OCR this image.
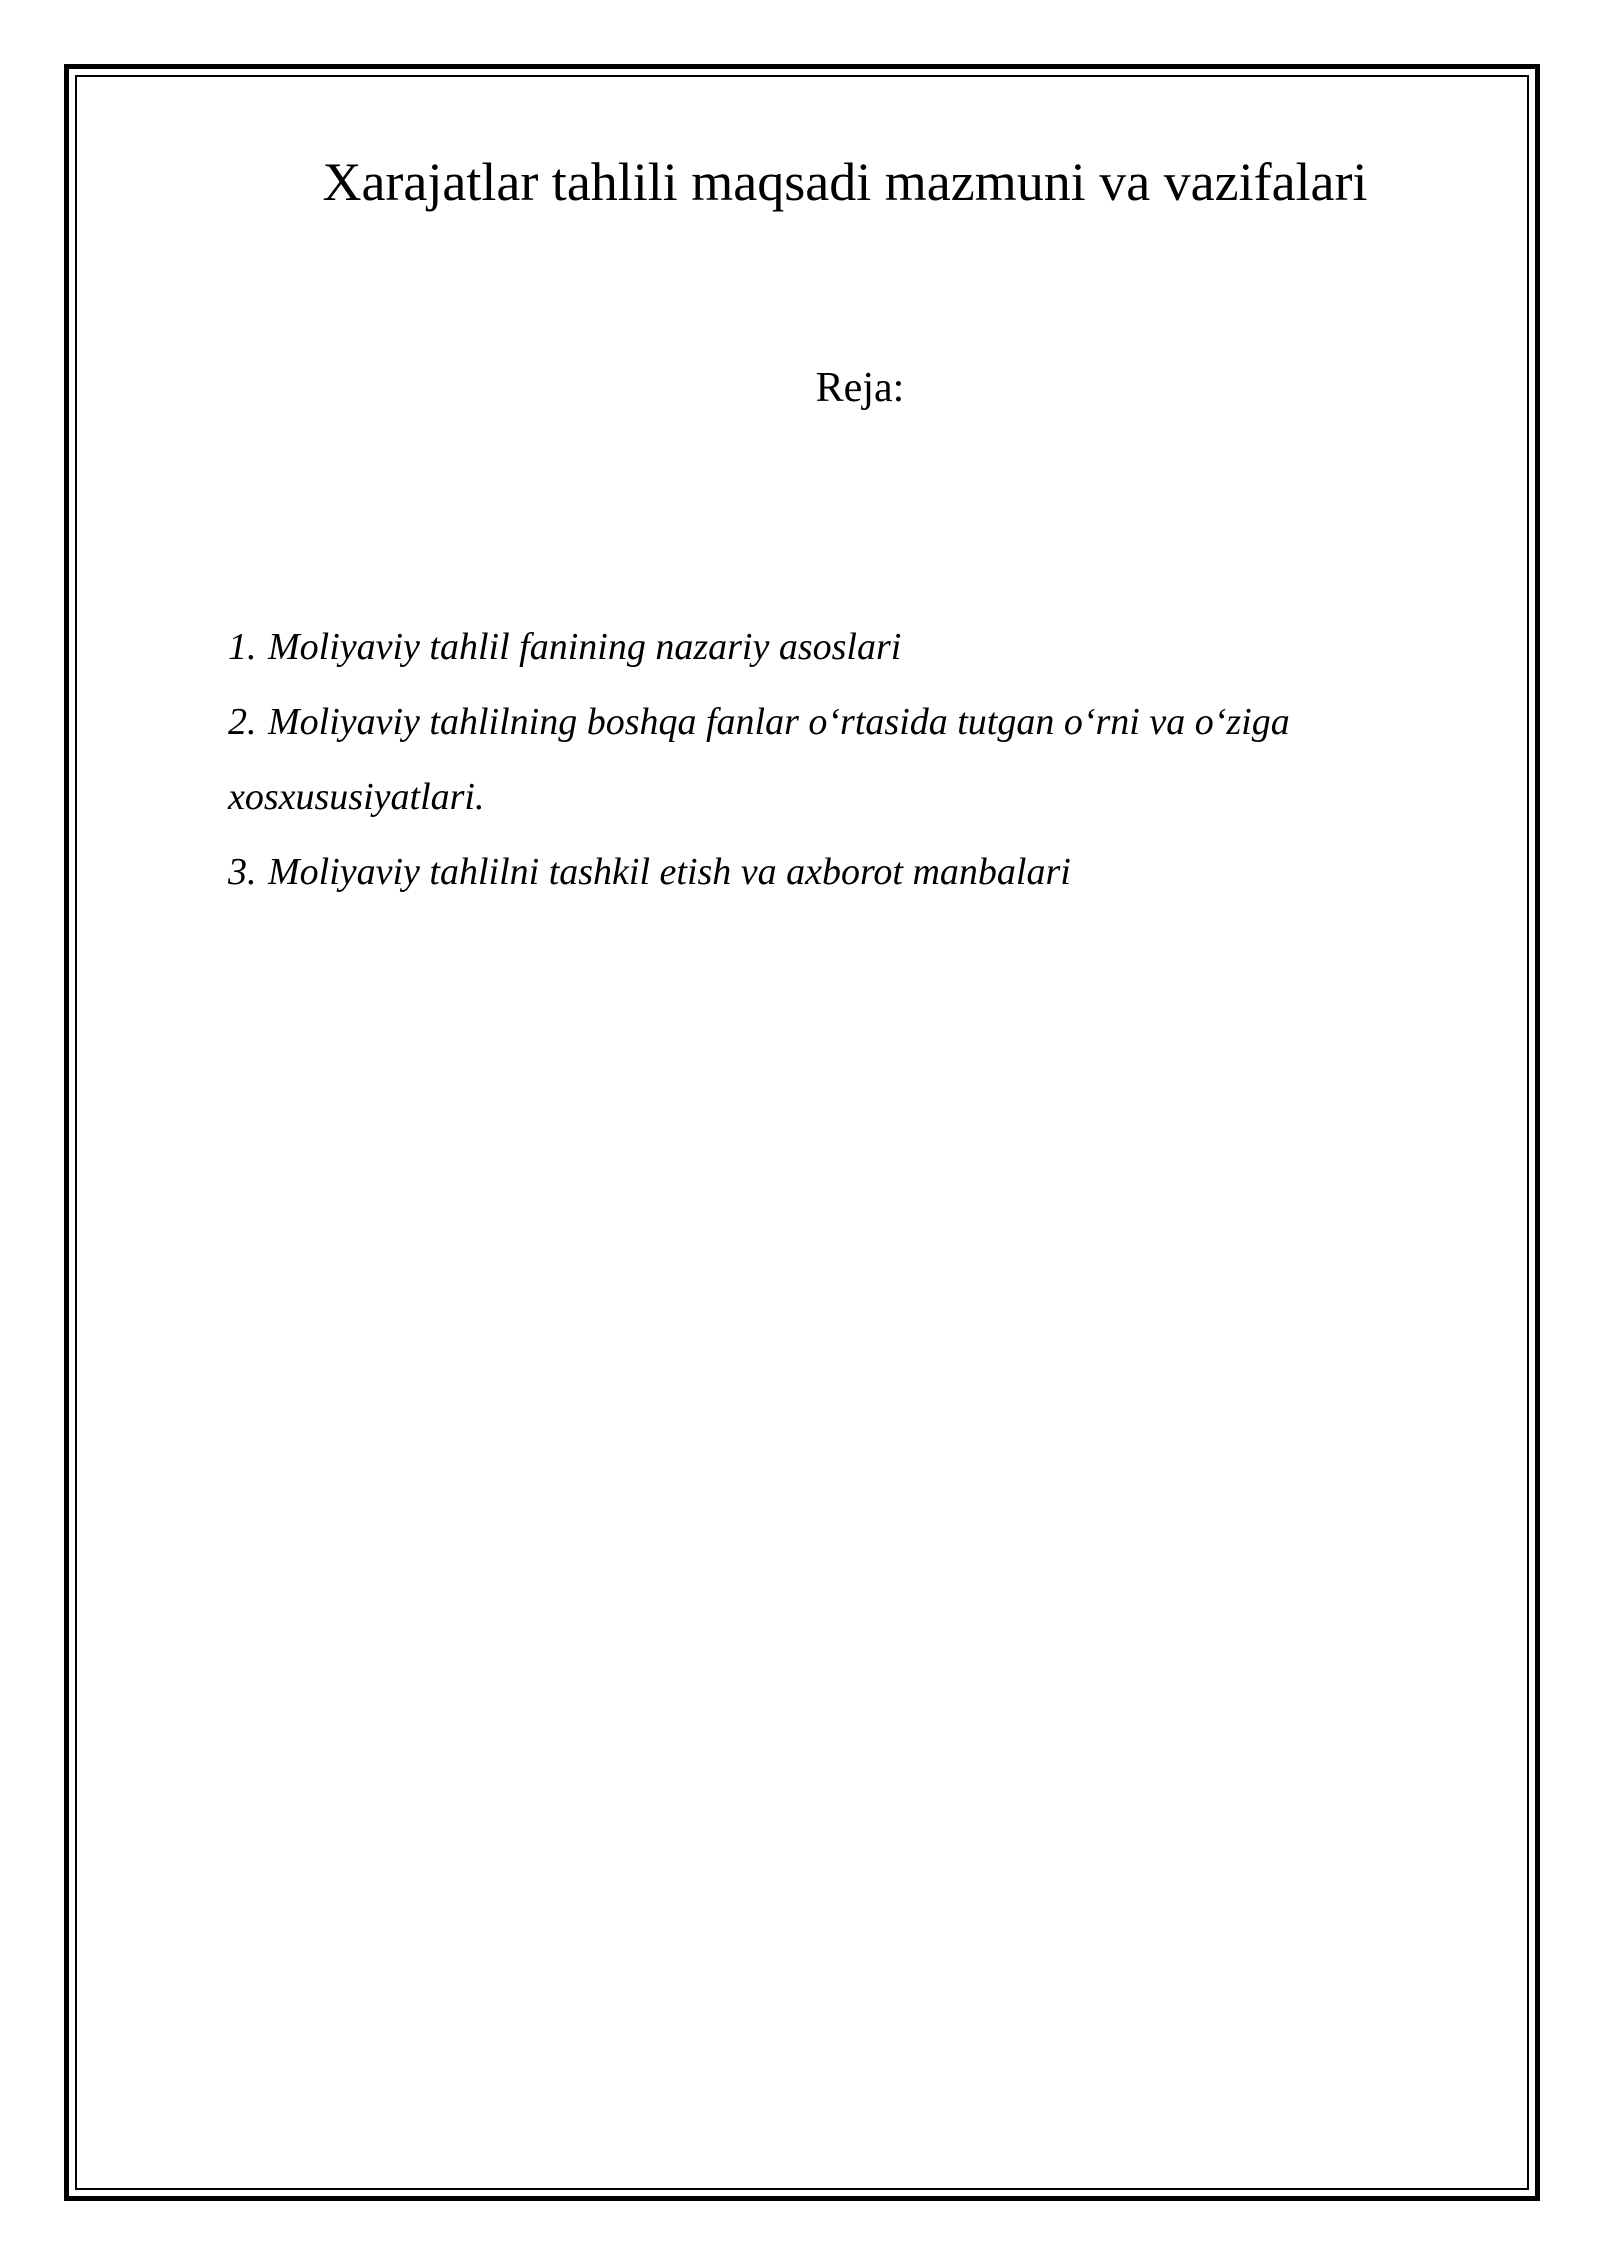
Xarajatlar tahlili maqsadi mazmuni va vazifalari
Reja:
1. Moliyaviy tahlil fanining nazariy asoslari
2. Moliyaviy tahlilning boshqa fanlar o‘rtasida tutgan o‘rni va o‘ziga xosxususiyatlari.
3. Moliyaviy tahlilni tashkil etish va axborot manbalari
